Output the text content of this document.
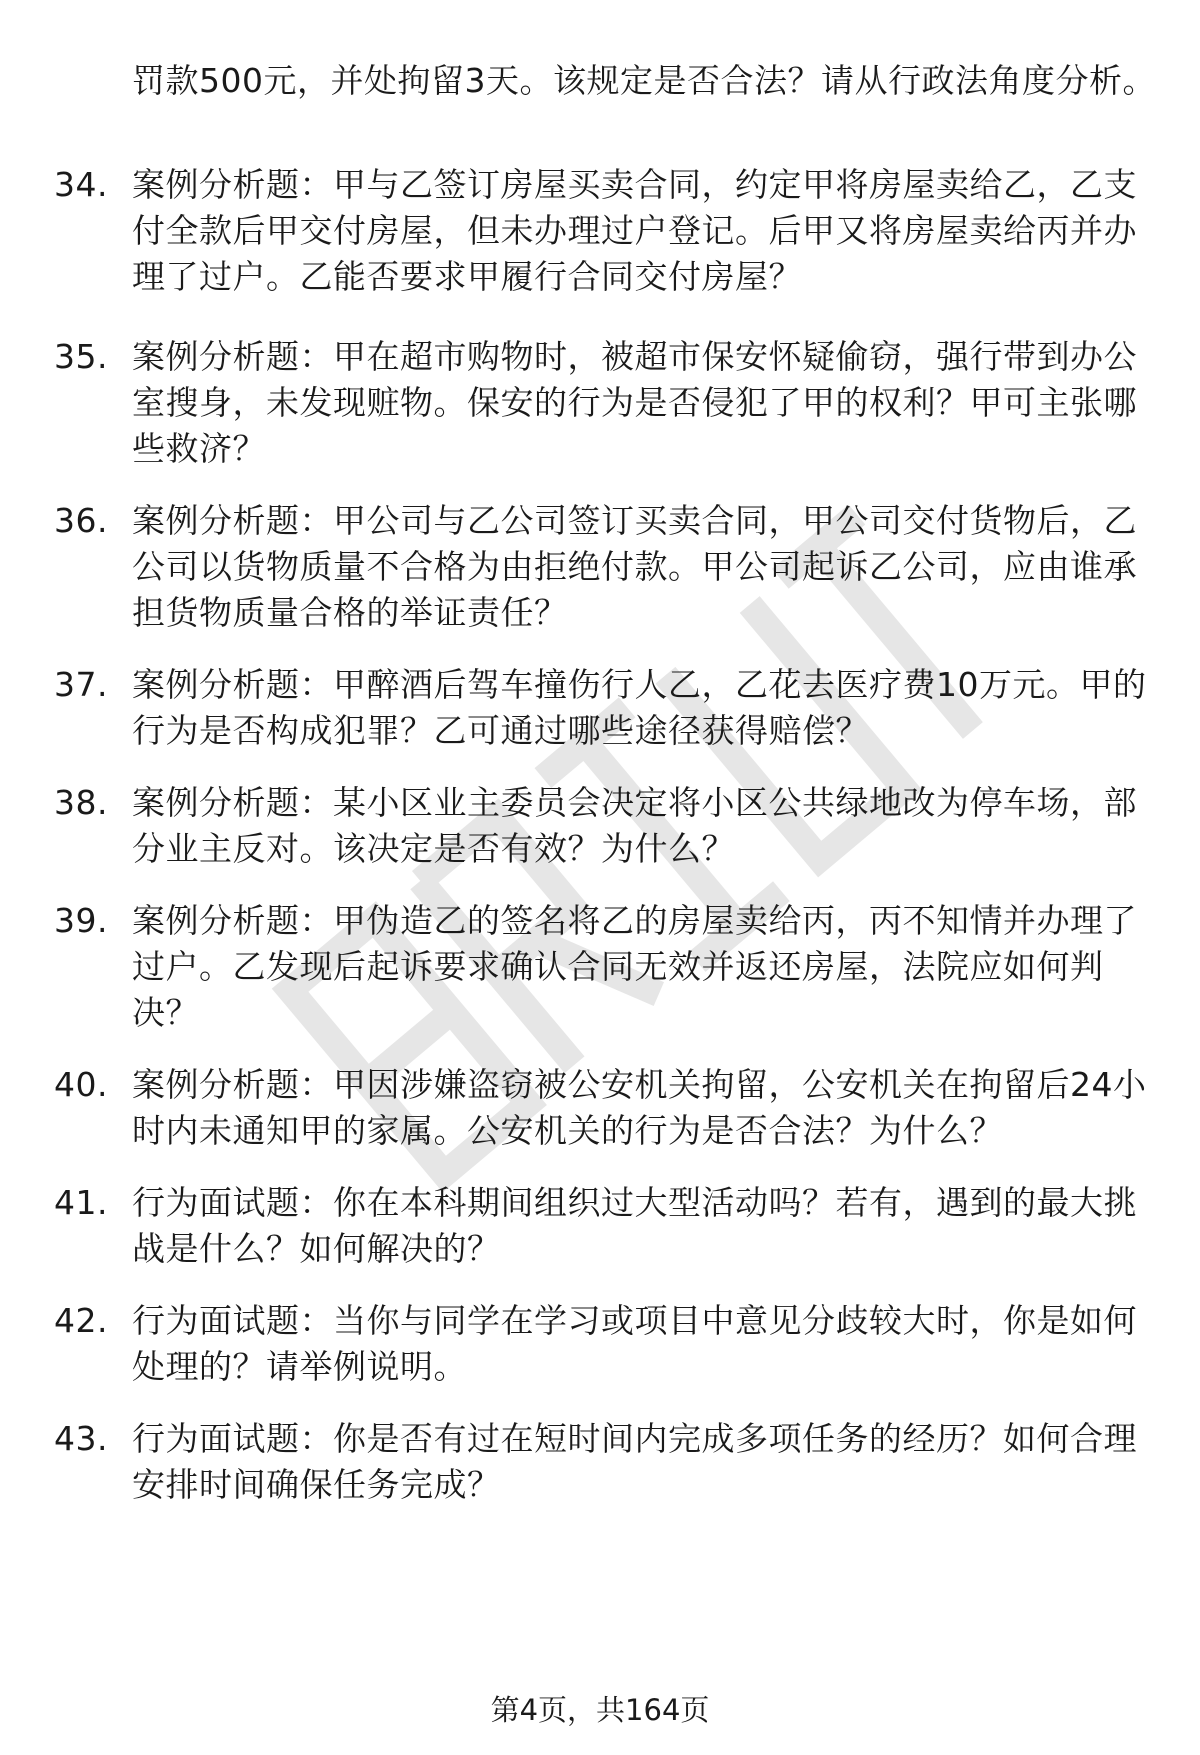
罚款500元，并处拘留3天。该规定是否合法？请从行政法角度分析。
34. 案例分析题：甲与乙签订房屋买卖合同，约定甲将房屋卖给乙，乙支付全款后甲交付房屋，但未办理过户登记。后甲又将房屋卖给丙并办理了过户。乙能否要求甲履行合同交付房屋？
35. 案例分析题：甲在超市购物时，被超市保安怀疑偷窃，强行带到办公室搜身，未发现赃物。保安的行为是否侵犯了甲的权利？甲可主张哪些救济？
36. 案例分析题：甲公司与乙公司签订买卖合同，甲公司交付货物后，乙公司以货物质量不合格为由拒绝付款。甲公司起诉乙公司，应由谁承担货物质量合格的举证责任？
37. 案例分析题：甲醉酒后驾车撞伤行人乙，乙花去医疗费10万元。甲的行为是否构成犯罪？乙可通过哪些途径获得赔偿？
38. 案例分析题：某小区业主委员会决定将小区公共绿地改为停车场，部分业主反对。该决定是否有效？为什么？
39. 案例分析题：甲伪造乙的签名将乙的房屋卖给丙，丙不知情并办理了过户。乙发现后起诉要求确认合同无效并返还房屋，法院应如何判决？
40. 案例分析题：甲因涉嫌盗窃被公安机关拘留，公安机关在拘留后24小时内未通知甲的家属。公安机关的行为是否合法？为什么？
41. 行为面试题：你在本科期间组织过大型活动吗？若有，遇到的最大挑战是什么？如何解决的？
42. 行为面试题：当你与同学在学习或项目中意见分歧较大时，你是如何处理的？请举例说明。
43. 行为面试题：你是否有过在短时间内完成多项任务的经历？如何合理安排时间确保任务完成？
第4页，共164页
